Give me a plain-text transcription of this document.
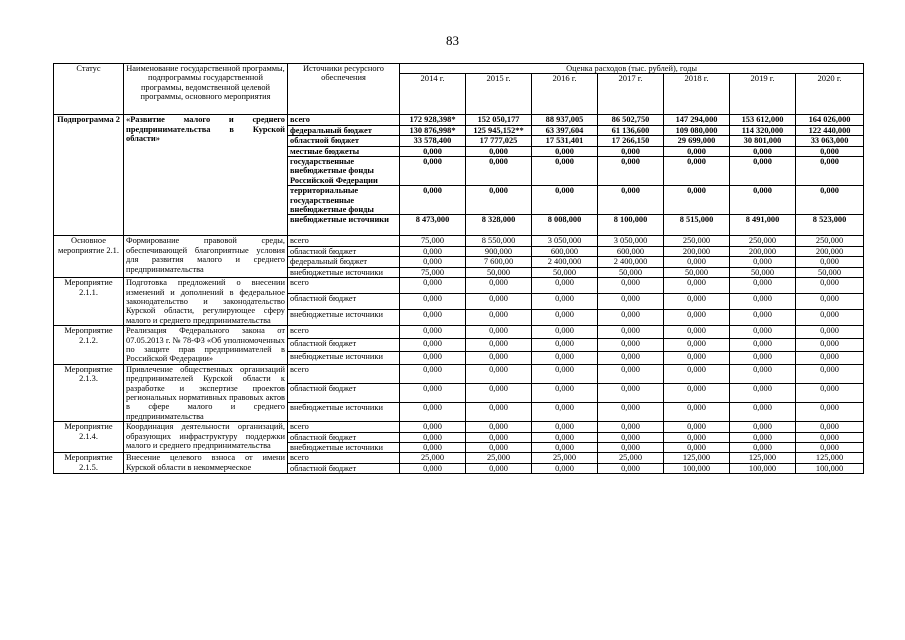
83
Статус	Наименование государственной программы, подпрограммы государственной программы, ведомственной целевой программы, основного мероприятия	Источники ресурсного обеспечения	Оценка расходов (тыс. рублей), годы						
			2014 г.	2015 г.	2016 г.	2017 г.	2018 г.	2019 г.	2020 г.
Подпрограмма 2	«Развитие малого и среднего предпринимательства в Курской области»	всего	172 928,398*	152 050,177	88 937,005	86 502,750	147 294,000	153 612,000	164 026,000
		федеральный бюджет	130 876,998*	125 945,152**	63 397,604	61 136,600	109 080,000	114 320,000	122 440,000
		областной бюджет	33 578,400	17 777,025	17 531,401	17 266,150	29 699,000	30 801,000	33 063,000
		местные бюджеты	0,000	0,000	0,000	0,000	0,000	0,000	0,000
		государственные внебюджетные фонды Российской Федерации	0,000	0,000	0,000	0,000	0,000	0,000	0,000
		территориальные государственные внебюджетные фонды	0,000	0,000	0,000	0,000	0,000	0,000	0,000
		внебюджетные источники	8 473,000	8 328,000	8 008,000	8 100,000	8 515,000	8 491,000	8 523,000
Основное мероприятие 2.1.	Формирование правовой среды, обеспечивающей благоприятные условия для развития малого и среднего предпринимательства	всего	75,000	8 550,000	3 050,000	3 050,000	250,000	250,000	250,000
		областной бюджет	0,000	900,000	600,000	600,000	200,000	200,000	200,000
		федеральный бюджет	0,000	7 600,00	2 400,000	2 400,000	0,000	0,000	0,000
		внебюджетные источники	75,000	50,000	50,000	50,000	50,000	50,000	50,000
Мероприятие 2.1.1.	Подготовка предложений о внесении изменений и дополнений в федеральное законодательство и законодательство Курской области, регулирующее сферу малого и среднего предпринимательства	всего	0,000	0,000	0,000	0,000	0,000	0,000	0,000
		областной бюджет	0,000	0,000	0,000	0,000	0,000	0,000	0,000
		внебюджетные источники	0,000	0,000	0,000	0,000	0,000	0,000	0,000
Мероприятие 2.1.2.	Реализация Федерального закона от 07.05.2013 г. № 78-ФЗ «Об уполномоченных по защите прав предпринимателей в Российской Федерации»	всего	0,000	0,000	0,000	0,000	0,000	0,000	0,000
		областной бюджет	0,000	0,000	0,000	0,000	0,000	0,000	0,000
		внебюджетные источники	0,000	0,000	0,000	0,000	0,000	0,000	0,000
Мероприятие 2.1.3.	Привлечение общественных организаций предпринимателей Курской области к разработке и экспертизе проектов региональных нормативных правовых актов в сфере малого и среднего предпринимательства	всего	0,000	0,000	0,000	0,000	0,000	0,000	0,000
		областной бюджет	0,000	0,000	0,000	0,000	0,000	0,000	0,000
		внебюджетные источники	0,000	0,000	0,000	0,000	0,000	0,000	0,000
Мероприятие 2.1.4.	Координация деятельности организаций, образующих инфраструктуру поддержки малого и среднего предпринимательства	всего	0,000	0,000	0,000	0,000	0,000	0,000	0,000
		областной бюджет	0,000	0,000	0,000	0,000	0,000	0,000	0,000
		внебюджетные источники	0,000	0,000	0,000	0,000	0,000	0,000	0,000
Мероприятие 2.1.5.	Внесение целевого взноса от имени Курской области в некоммерческое	всего	25,000	25,000	25,000	25,000	125,000	125,000	125,000
		областной бюджет	0,000	0,000	0,000	0,000	100,000	100,000	100,000
